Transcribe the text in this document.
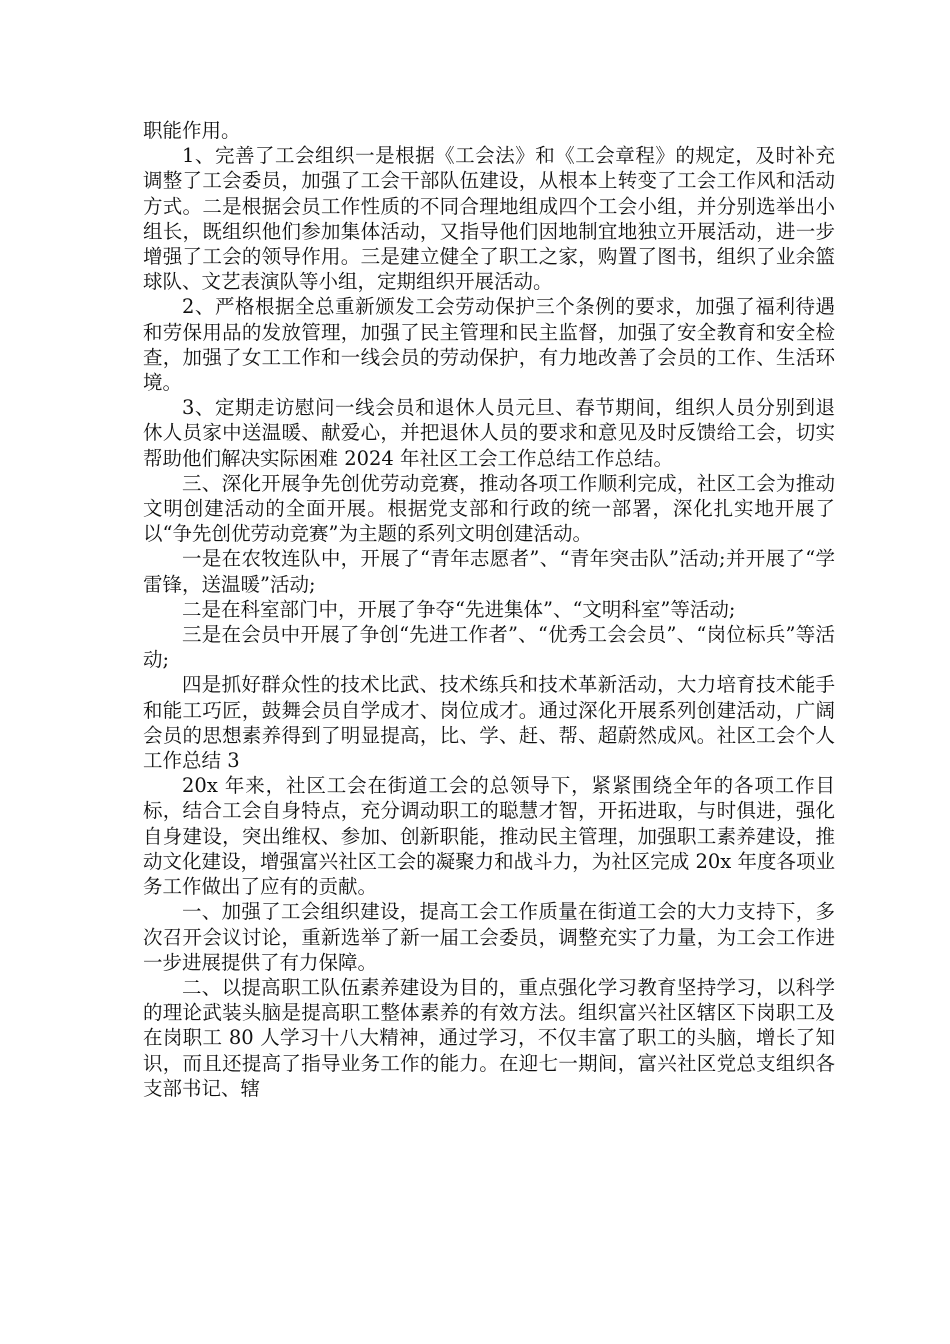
职能作用。

1、完善了工会组织一是根据《工会法》和《工会章程》的规定，及时补充调整了工会委员，加强了工会干部队伍建设，从根本上转变了工会工作风和活动方式。二是根据会员工作性质的不同合理地组成四个工会小组，并分别选举出小组长，既组织他们参加集体活动，又指导他们因地制宜地独立开展活动，进一步增强了工会的领导作用。三是建立健全了职工之家，购置了图书，组织了业余篮球队、文艺表演队等小组，定期组织开展活动。

2、严格根据全总重新颁发工会劳动保护三个条例的要求，加强了福利待遇和劳保用品的发放管理，加强了民主管理和民主监督，加强了安全教育和安全检查，加强了女工工作和一线会员的劳动保护，有力地改善了会员的工作、生活环境。

3、定期走访慰问一线会员和退休人员元旦、春节期间，组织人员分别到退休人员家中送温暖、献爱心，并把退休人员的要求和意见及时反馈给工会，切实帮助他们解决实际困难 2024 年社区工会工作总结工作总结。

三、深化开展争先创优劳动竞赛，推动各项工作顺利完成，社区工会为推动文明创建活动的全面开展。根据党支部和行政的统一部署，深化扎实地开展了以“争先创优劳动竞赛”为主题的系列文明创建活动。

一是在农牧连队中，开展了“青年志愿者”、“青年突击队”活动;并开展了“学雷锋，送温暖”活动;

二是在科室部门中，开展了争夺“先进集体”、“文明科室”等活动;

三是在会员中开展了争创“先进工作者”、“优秀工会会员”、“岗位标兵”等活动;

四是抓好群众性的技术比武、技术练兵和技术革新活动，大力培育技术能手和能工巧匠，鼓舞会员自学成才、岗位成才。通过深化开展系列创建活动，广阔会员的思想素养得到了明显提高，比、学、赶、帮、超蔚然成风。社区工会个人工作总结 3

20x 年来，社区工会在街道工会的总领导下，紧紧围绕全年的各项工作目标，结合工会自身特点，充分调动职工的聪慧才智，开拓进取，与时俱进，强化自身建设，突出维权、参加、创新职能，推动民主管理，加强职工素养建设，推动文化建设，增强富兴社区工会的凝聚力和战斗力，为社区完成 20x 年度各项业务工作做出了应有的贡献。

一、加强了工会组织建设，提高工会工作质量在街道工会的大力支持下，多次召开会议讨论，重新选举了新一届工会委员，调整充实了力量，为工会工作进一步进展提供了有力保障。

二、以提高职工队伍素养建设为目的，重点强化学习教育坚持学习，以科学的理论武装头脑是提高职工整体素养的有效方法。组织富兴社区辖区下岗职工及在岗职工 80 人学习十八大精神，通过学习，不仅丰富了职工的头脑，增长了知识，而且还提高了指导业务工作的能力。在迎七一期间，富兴社区党总支组织各支部书记、辖
